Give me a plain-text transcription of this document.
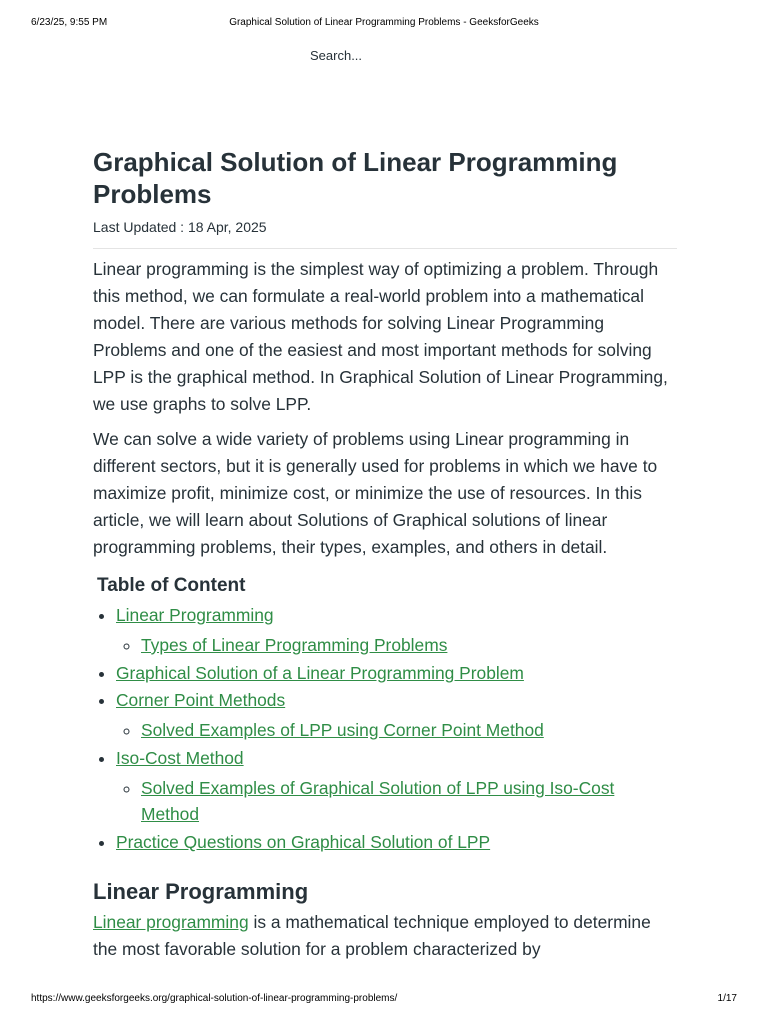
6/23/25, 9:55 PM	Graphical Solution of Linear Programming Problems - GeeksforGeeks
Search...
Graphical Solution of Linear Programming Problems
Last Updated : 18 Apr, 2025

Linear programming is the simplest way of optimizing a problem. Through this method, we can formulate a real-world problem into a mathematical model. There are various methods for solving Linear Programming Problems and one of the easiest and most important methods for solving LPP is the graphical method. In Graphical Solution of Linear Programming, we use graphs to solve LPP.

We can solve a wide variety of problems using Linear programming in different sectors, but it is generally used for problems in which we have to maximize profit, minimize cost, or minimize the use of resources. In this article, we will learn about Solutions of Graphical solutions of linear programming problems, their types, examples, and others in detail.

Table of Content
• Linear Programming
◦ Types of Linear Programming Problems
• Graphical Solution of a Linear Programming Problem
• Corner Point Methods
◦ Solved Examples of LPP using Corner Point Method
• Iso-Cost Method
◦ Solved Examples of Graphical Solution of LPP using Iso-Cost Method
• Practice Questions on Graphical Solution of LPP
Linear Programming

Linear programming is a mathematical technique employed to determine the most favorable solution for a problem characterized by

https://www.geeksforgeeks.org/graphical-solution-of-linear-programming-problems/	1/17
